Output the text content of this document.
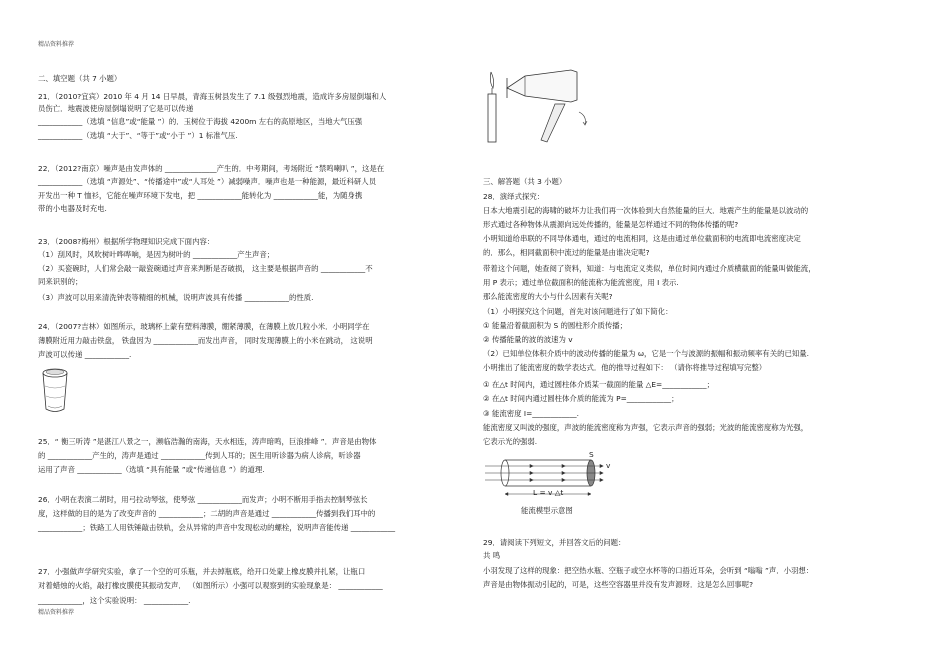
精品资料推荐
二、填空题（共 7 小题）
21．（2010?宜宾）2010 年 4 月 14 日早晨，青海玉树县发生了 7.1 级强烈地震，造成许多房屋倒塌和人
员伤亡．地震波使房屋倒塌说明了它是可以传递
____________（选填 “信息”或“能量 ”）的．玉树位于海拔 4200m 左右的高原地区，当地大气压强
____________（选填 “大于”、“等于”或“小于 ”）1 标准气压.
22．（2012?南京）噪声是由发声体的 ______________产生的．中考期间，考场附近 “禁鸣喇叭 ”，这是在
____________（选填 “声源处”、“传播途中”或“人耳处 ”）减弱噪声．噪声也是一种能源，最近科研人员
开发出一种 T 恤衫，它能在噪声环境下发电，把 ____________能转化为 ____________能，为随身携
带的小电器及时充电.
23．（2008?梅州）根据所学物理知识完成下面内容：
（1）刮风时，风吹树叶哗哗响，是因为树叶的 ____________产生声音；
（2）买瓷碗时，人们常会敲一敲瓷碗通过声音来判断是否破损， 这主要是根据声音的 ____________不
同来识别的；
（3）声波可以用来清洗钟表等精细的机械，说明声波具有传播 ____________的性质.
24．（2007?吉林）如图所示，玻璃杯上蒙有塑料薄膜，绷紧薄膜，在薄膜上放几粒小米．小明同学在
薄膜附近用力敲击铁盘， 铁盘因为 ____________而发出声音， 同时发现薄膜上的小米在跳动， 这说明
声波可以传递 ____________.
25．“ 衡三听涛 ”是湛江八景之一，濒临浩瀚的南海，天水相连，涛声暗鸣，巨浪排峰 ”．声音是由物体
的 ____________产生的，涛声是通过 ____________传到人耳的；医生用听诊器为病人诊病，听诊器
运用了声音 ____________（选填 “具有能量 ”或“传递信息 ”）的道理.
26．小明在表演二胡时，用弓拉动琴弦，使琴弦 ____________而发声；小明不断用手指去控制琴弦长
度，这样做的目的是为了改变声音的 ____________；二胡的声音是通过 ____________传播到我们耳中的
____________；铁路工人用铁锤敲击铁轨，会从异常的声音中发现松动的螺栓，说明声音能传递 ____________
27．小强做声学研究实验，拿了一个空的可乐瓶，并去掉瓶底，给开口处蒙上橡皮膜并扎紧，让瓶口
对着蜡烛的火焰，敲打橡皮膜使其振动发声． （如图所示）小强可以观察到的实验现象是： ____________
____________，这个实验说明： ____________.
精品资料推荐
三、解答题（共 3 小题）
28．演绎式探究：
日本大地震引起的海啸的破坏力让我们再一次体验到大自然能量的巨大．地震产生的能量是以波动的
形式通过各种物体从震源向远处传播的，能量是怎样通过不同的物体传播的呢?
小明知道给串联的不同导体通电，通过的电流相同，这是由通过单位截面积的电流即电流密度决定
的．那么，相同截面积中流过的能量是由谁决定呢?
带着这个问题，她查阅了资料，知道：与电流定义类似，单位时间内通过介质横截面的能量叫做能流，
用 P 表示；通过单位截面积的能流称为能流密度，用 I 表示.
那么能流密度的大小与什么因素有关呢?
（1）小明探究这个问题，首先对该问题进行了如下简化：
① 能量沿着截面积为 S 的圆柱形介质传播；
② 传播能量的波的波速为 v
（2）已知单位体积介质中的波动传播的能量为 ω，它是一个与波源的振幅和振动频率有关的已知量.
小明推出了能流密度的数学表达式．他的推导过程如下： （请你将推导过程填写完整）
① 在△t 时间内，通过圆柱体介质某一截面的能量 △E=____________；
② 在△t 时间内通过圆柱体介质的能流为 P=____________；
③ 能流密度 I=____________.
能流密度又叫波的强度，声波的能流密度称为声强，它表示声音的强弱；光波的能流密度称为光强，
它表示光的强弱.
S
v
L = v △t
能流模型示意图
29．请阅读下列短文，并回答文后的问题：
共 鸣
小羽发现了这样的现象：把空热水瓶、空瓶子或空水杯等的口捂近耳朵，会听到 “嗡嗡 ”声．小羽想：
声音是由物体振动引起的，可是，这些空容器里并没有发声源呀．这是怎么回事呢?
